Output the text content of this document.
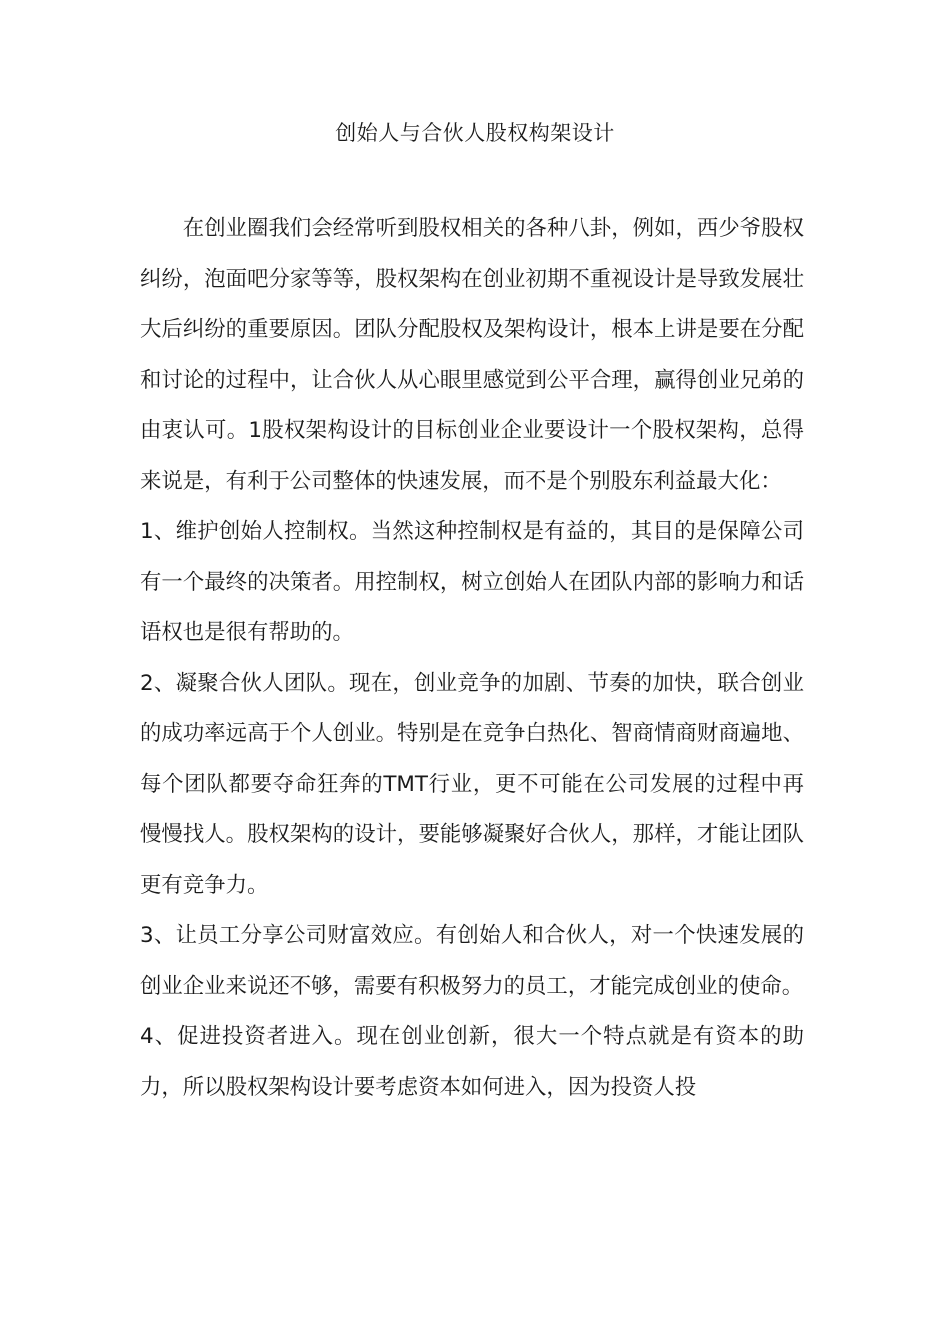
创始人与合伙人股权构架设计

在创业圈我们会经常听到股权相关的各种八卦，例如，西少爷股权纠纷，泡面吧分家等等，股权架构在创业初期不重视设计是导致发展壮大后纠纷的重要原因。团队分配股权及架构设计，根本上讲是要在分配和讨论的过程中，让合伙人从心眼里感觉到公平合理，赢得创业兄弟的由衷认可。1股权架构设计的目标创业企业要设计一个股权架构，总得来说是，有利于公司整体的快速发展，而不是个别股东利益最大化：

1、维护创始人控制权。当然这种控制权是有益的，其目的是保障公司有一个最终的决策者。用控制权，树立创始人在团队内部的影响力和话语权也是很有帮助的。

2、凝聚合伙人团队。现在，创业竞争的加剧、节奏的加快，联合创业的成功率远高于个人创业。特别是在竞争白热化、智商情商财商遍地、每个团队都要夺命狂奔的TMT行业，更不可能在公司发展的过程中再慢慢找人。股权架构的设计，要能够凝聚好合伙人，那样，才能让团队更有竞争力。

3、让员工分享公司财富效应。有创始人和合伙人，对一个快速发展的创业企业来说还不够，需要有积极努力的员工，才能完成创业的使命。

4、促进投资者进入。现在创业创新，很大一个特点就是有资本的助力，所以股权架构设计要考虑资本如何进入，因为投资人投
